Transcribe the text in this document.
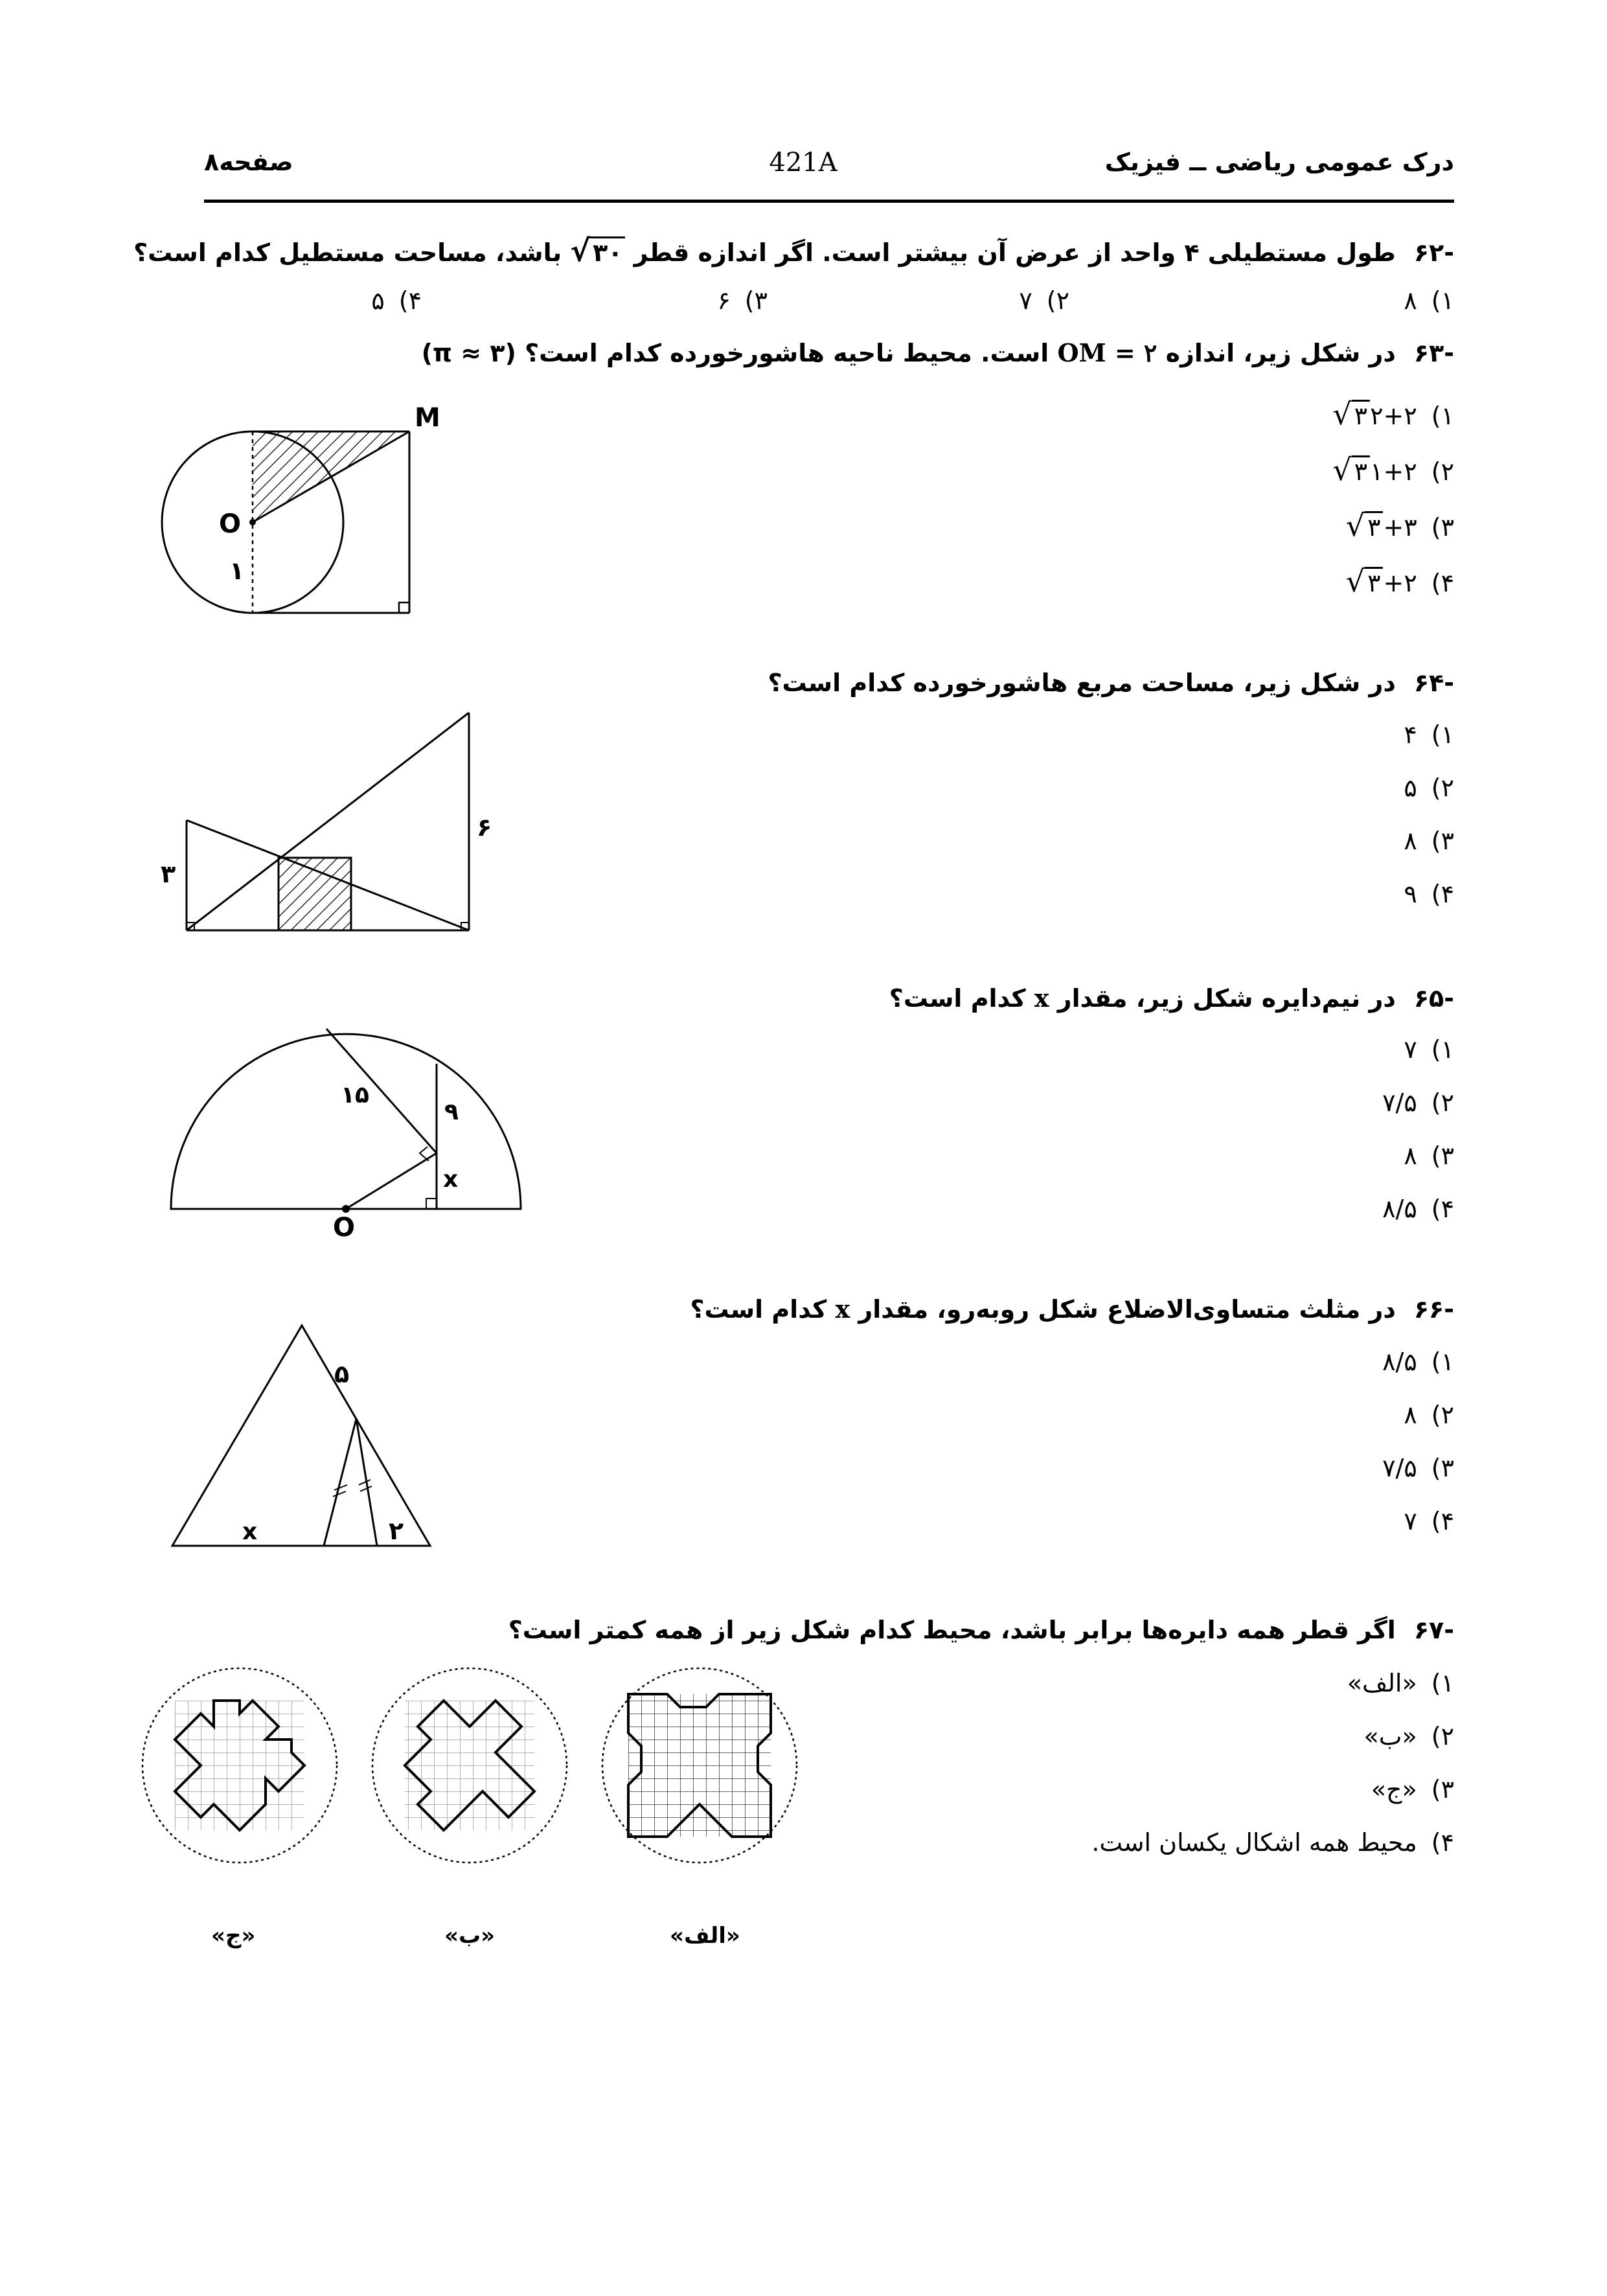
درک عمومی ریاضی ــ فیزیک
421A
صفحه۸
-۶۲طول مستطیلی ۴ واحد از عرض آن بیشتر است. اگر اندازه قطر √ ۳۰ باشد، مساحت مستطیل کدام است؟
۱)۸
۲)۷
۳)۶
۴)۵
-۶۳در شکل زیر، اندازه OM = ۲ است. محیط ناحیه هاشورخورده کدام است؟ (π ≈ ۳)
۱)۲+۲√ ۳
۲)۱+۲√ ۳
۳)۳+√ ۳
۴)۲+√ ۳
M
O
۱
-۶۴در شکل زیر، مساحت مربع هاشورخورده کدام است؟
۱)۴
۲)۵
۳)۸
۴)۹
۳
۶
-۶۵در نیم‌دایره شکل زیر، مقدار x کدام است؟
۱)۷
۲)۷/۵
۳)۸
۴)۸/۵
۱۵
۹
x
O
-۶۶در مثلث متساوی‌الاضلاع شکل روبه‌رو، مقدار x کدام است؟
۱)۸/۵
۲)۸
۳)۷/۵
۴)۷
۵
x	۲
-۶۷اگر قطر همه دایره‌ها برابر باشد، محیط کدام شکل زیر از همه کمتر است؟
۱)«الف»
۲)«ب»
۳)«ج»
۴)محیط همه اشکال یکسان است.
«ج»	«ب»	«الف»
